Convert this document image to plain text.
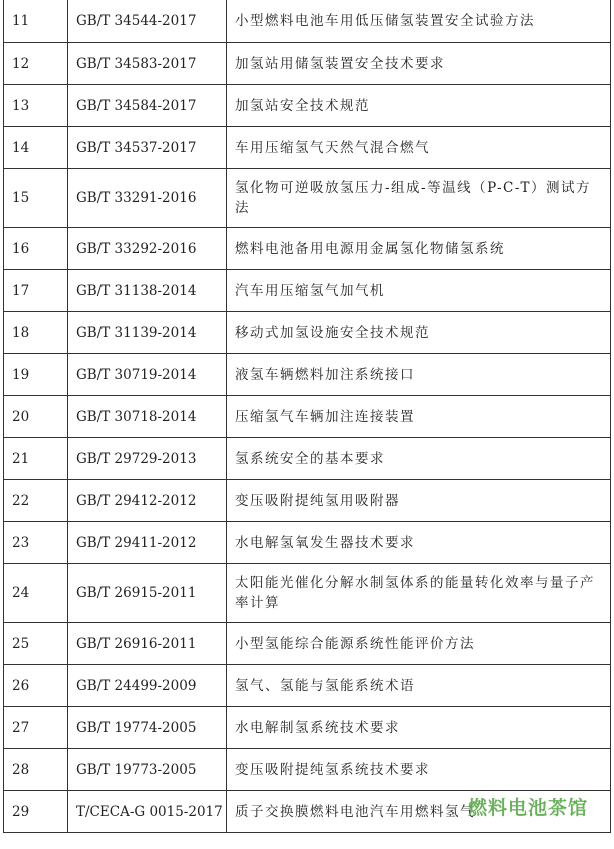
11	GB/T 34544-2017	小型燃料电池车用低压储氢装置安全试验方法
12	GB/T 34583-2017	加氢站用储氢装置安全技术要求
13	GB/T 34584-2017	加氢站安全技术规范
14	GB/T 34537-2017	车用压缩氢气天然气混合燃气
15	GB/T 33291-2016	氢化物可逆吸放氢压力-组成-等温线（P-C-T）测试方法
16	GB/T 33292-2016	燃料电池备用电源用金属氢化物储氢系统
17	GB/T 31138-2014	汽车用压缩氢气加气机
18	GB/T 31139-2014	移动式加氢设施安全技术规范
19	GB/T 30719-2014	液氢车辆燃料加注系统接口
20	GB/T 30718-2014	压缩氢气车辆加注连接装置
21	GB/T 29729-2013	氢系统安全的基本要求
22	GB/T 29412-2012	变压吸附提纯氢用吸附器
23	GB/T 29411-2012	水电解氢氧发生器技术要求
24	GB/T 26915-2011	太阳能光催化分解水制氢体系的能量转化效率与量子产率计算
25	GB/T 26916-2011	小型氢能综合能源系统性能评价方法
26	GB/T 24499-2009	氢气、氢能与氢能系统术语
27	GB/T 19774-2005	水电解制氢系统技术要求
28	GB/T 19773-2005	变压吸附提纯氢系统技术要求
29	T/CECA-G 0015-2017	质子交换膜燃料电池汽车用燃料氢气
燃料电池茶馆
